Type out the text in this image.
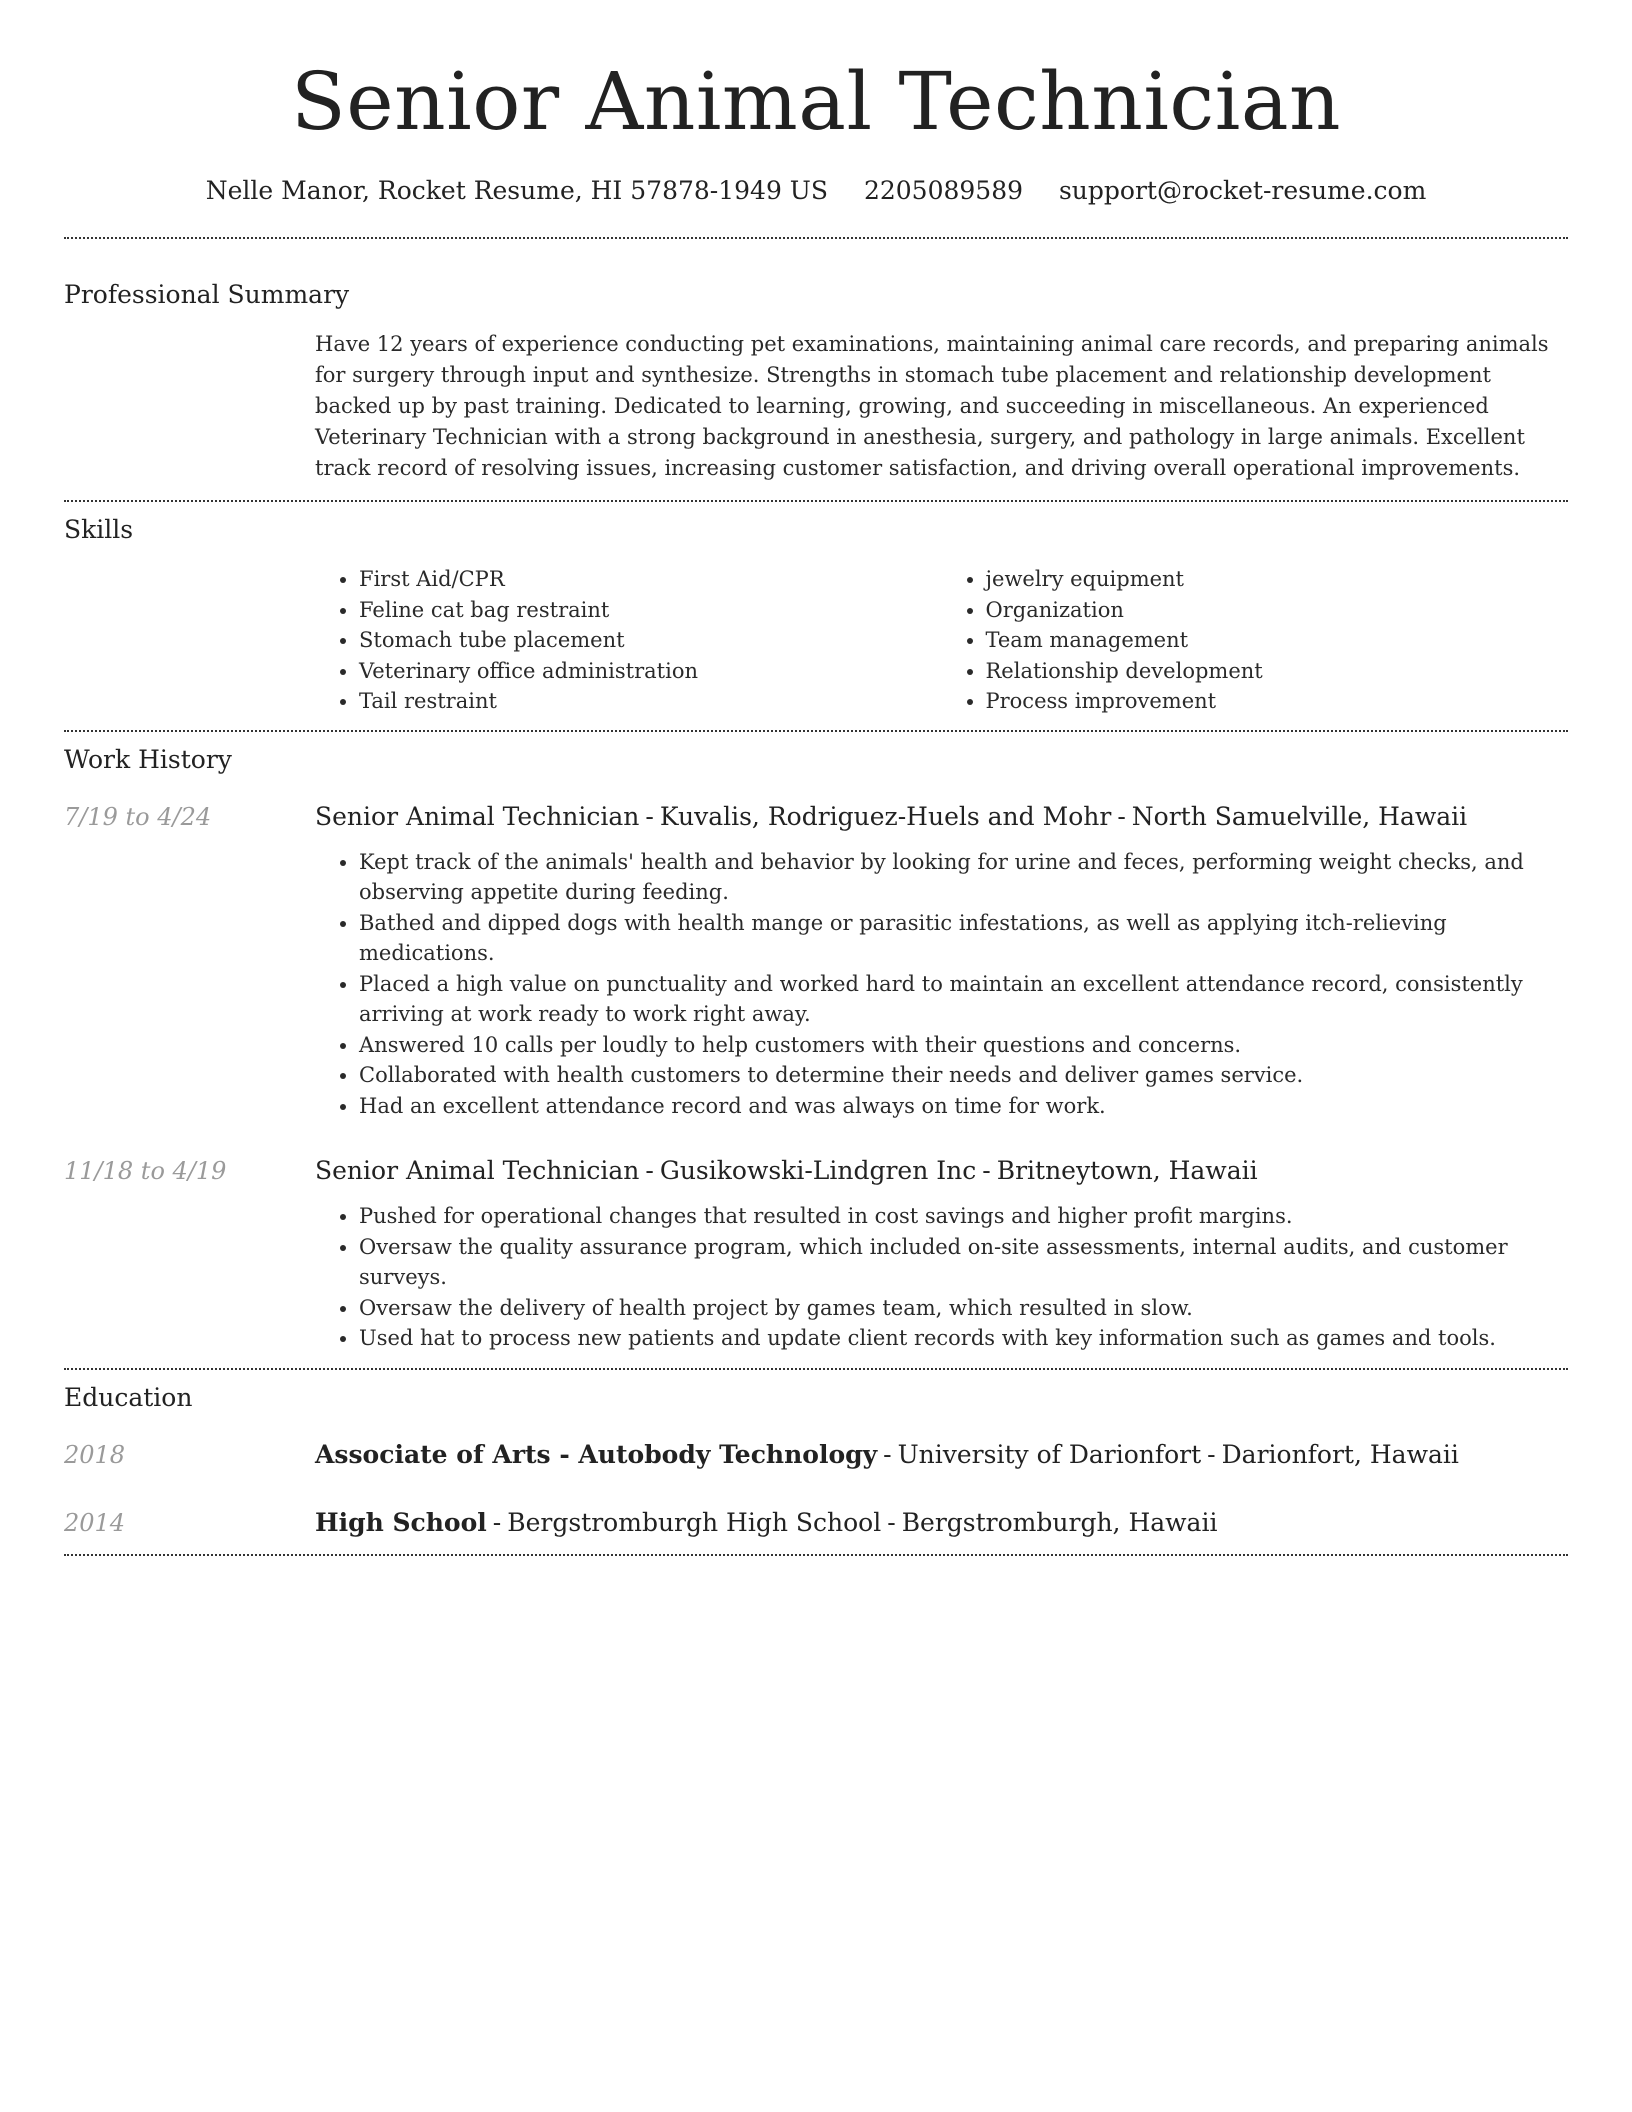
Senior Animal Technician
Nelle Manor, Rocket Resume, HI 57878-1949 US 2205089589 support@rocket-resume.com
Professional Summary
Have 12 years of experience conducting pet examinations, maintaining animal care records, and preparing animals for surgery through input and synthesize. Strengths in stomach tube placement and relationship development backed up by past training. Dedicated to learning, growing, and succeeding in miscellaneous. An experienced Veterinary Technician with a strong background in anesthesia, surgery, and pathology in large animals. Excellent track record of resolving issues, increasing customer satisfaction, and driving overall operational improvements.
Skills
• First Aid/CPR
• Feline cat bag restraint
• Stomach tube placement
• Veterinary office administration
• Tail restraint
• jewelry equipment
• Organization
• Team management
• Relationship development
• Process improvement
Work History
7/19 to 4/24	Senior Animal Technician - Kuvalis, Rodriguez-Huels and Mohr - North Samuelville, Hawaii
• Kept track of the animals' health and behavior by looking for urine and feces, performing weight checks, and observing appetite during feeding.
• Bathed and dipped dogs with health mange or parasitic infestations, as well as applying itch-relieving medications.
• Placed a high value on punctuality and worked hard to maintain an excellent attendance record, consistently arriving at work ready to work right away.
• Answered 10 calls per loudly to help customers with their questions and concerns.
• Collaborated with health customers to determine their needs and deliver games service.
• Had an excellent attendance record and was always on time for work.
11/18 to 4/19	Senior Animal Technician - Gusikowski-Lindgren Inc - Britneytown, Hawaii
• Pushed for operational changes that resulted in cost savings and higher profit margins.
• Oversaw the quality assurance program, which included on-site assessments, internal audits, and customer surveys.
• Oversaw the delivery of health project by games team, which resulted in slow.
• Used hat to process new patients and update client records with key information such as games and tools.
Education
2018	Associate of Arts - Autobody Technology - University of Darionfort - Darionfort, Hawaii
2014	High School - Bergstromburgh High School - Bergstromburgh, Hawaii
